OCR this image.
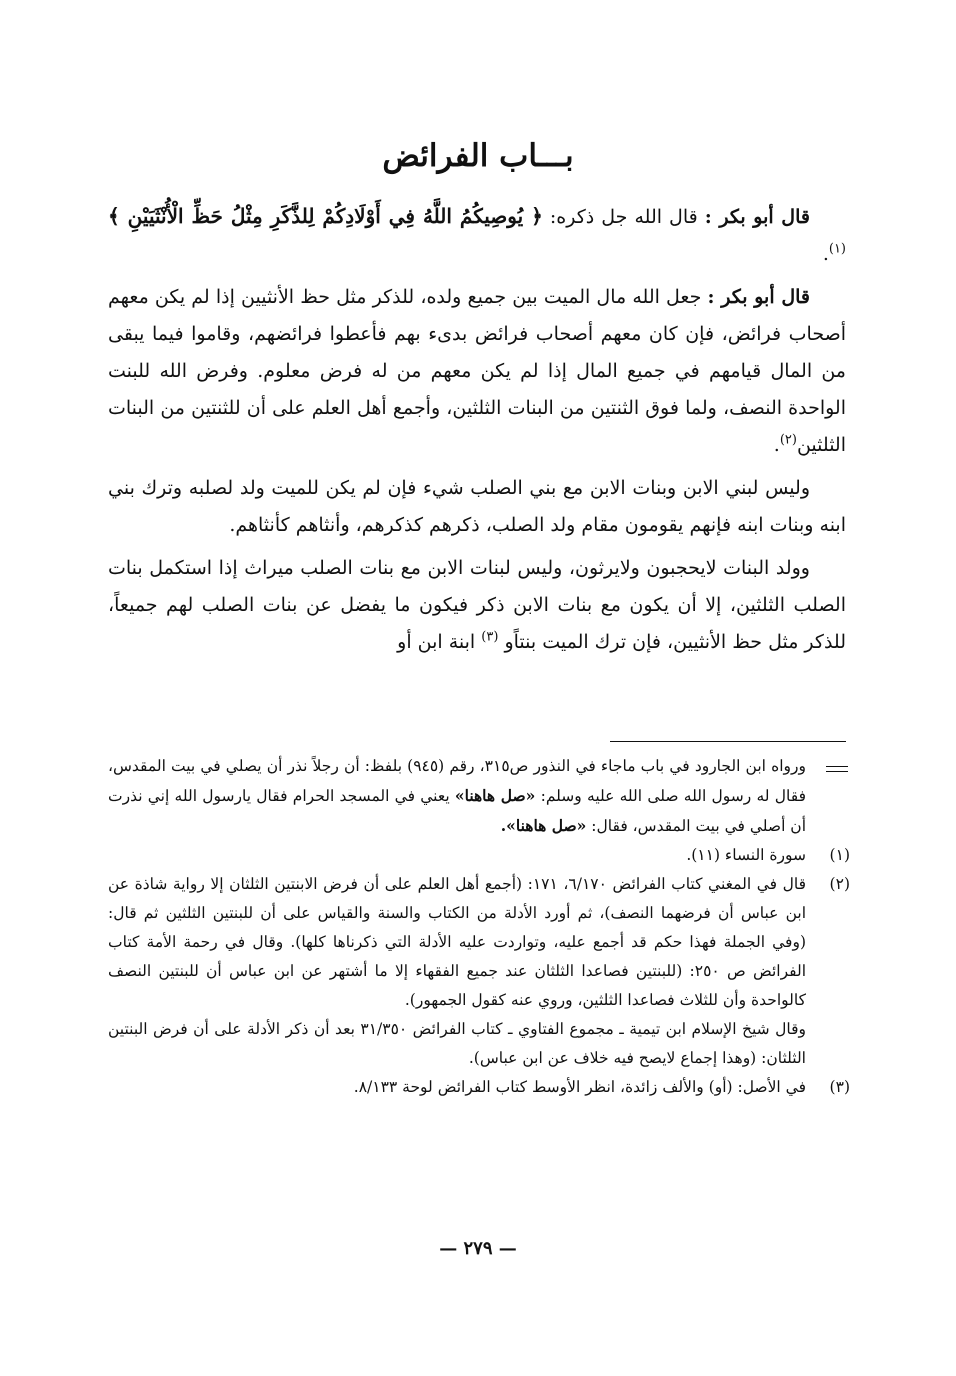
بـــاب الفرائض

قال أبو بكر : قال الله جل ذكره: ﴿ يُوصِيكُمُ اللَّهُ فِي أَوْلَادِكُمْ لِلذَّكَرِ مِثْلُ حَظِّ الْأُنْثَيَيْنِ ﴾ $^{(١)}$.

قال أبو بكر : جعل الله مال الميت بين جميع ولده، للذكر مثل حظ الأنثيين إذا لم يكن معهم أصحاب فرائض، فإن كان معهم أصحاب فرائض بدىء بهم فأعطوا فرائضهم، وقاموا فيما يبقى من المال قيامهم في جميع المال إذا لم يكن معهم من له فرض معلوم. وفرض الله للبنت الواحدة النصف، ولما فوق الثنتين من البنات الثلثين، وأجمع أهل العلم على أن للثنتين من البنات الثلثين$^{(٢)}$.

وليس لبني الابن وبنات الابن مع بني الصلب شيء فإن لم يكن للميت ولد لصلبه وترك بني ابنه وبنات ابنه فإنهم يقومون مقام ولد الصلب، ذكرهم كذكرهم، وأنثاهم كأنثاهم.

وولد البنات لايحجبون ولايرثون، وليس لبنات الابن مع بنات الصلب ميراث إذا استكمل بنات الصلب الثلثين، إلا أن يكون مع بنات الابن ذكر فيكون ما يفضل عن بنات الصلب لهم جميعاً، للذكر مثل حظ الأنثيين، فإن ترك الميت بنتاًو $^{(٣)}$ ابنة ابن أو

ورواه ابن الجارود في باب ماجاء في النذور ص٣١٥، رقم (٩٤٥) بلفظ: أن رجلاً نذر أن يصلي في بيت المقدس، فقال له رسول الله صلى الله عليه وسلم: «صل هاهنا» يعني في المسجد الحرام فقال يارسول الله إني نذرت أن أصلي في بيت المقدس، فقال: «صل هاهنا».
(١)
سورة النساء (١١).
(٢)
قال في المغني كتاب الفرائض ٦/١٧٠، ١٧١: (أجمع أهل العلم على أن فرض الابنتين الثلثان إلا رواية شاذة عن ابن عباس أن فرضهما النصف)، ثم أورد الأدلة من الكتاب والسنة والقياس على أن للبنتين الثلثين ثم قال: (وفي الجملة فهذا حكم قد أجمع عليه، وتواردت عليه الأدلة التي ذكرناها كلها). وقال في رحمة الأمة كتاب الفرائض ص ٢٥٠: (للبنتين فصاعدا الثلثان عند جميع الفقهاء إلا ما أشتهر عن ابن عباس أن للبنتين النصف كالواحدة وأن للثلاث فصاعدا الثلثين، وروي عنه كقول الجمهور).

وقال شيخ الإسلام ابن تيمية ـ مجموع الفتاوي ـ كتاب الفرائض ٣١/٣٥٠ بعد أن ذكر الأدلة على أن فرض البنتين الثلثان: (وهذا إجماع لايصح فيه خلاف عن ابن عباس).

(٣)
في الأصل: (أو) والألف زائدة، انظر الأوسط كتاب الفرائض لوحة ٨/١٣٣.
— ٢٧٩ —
